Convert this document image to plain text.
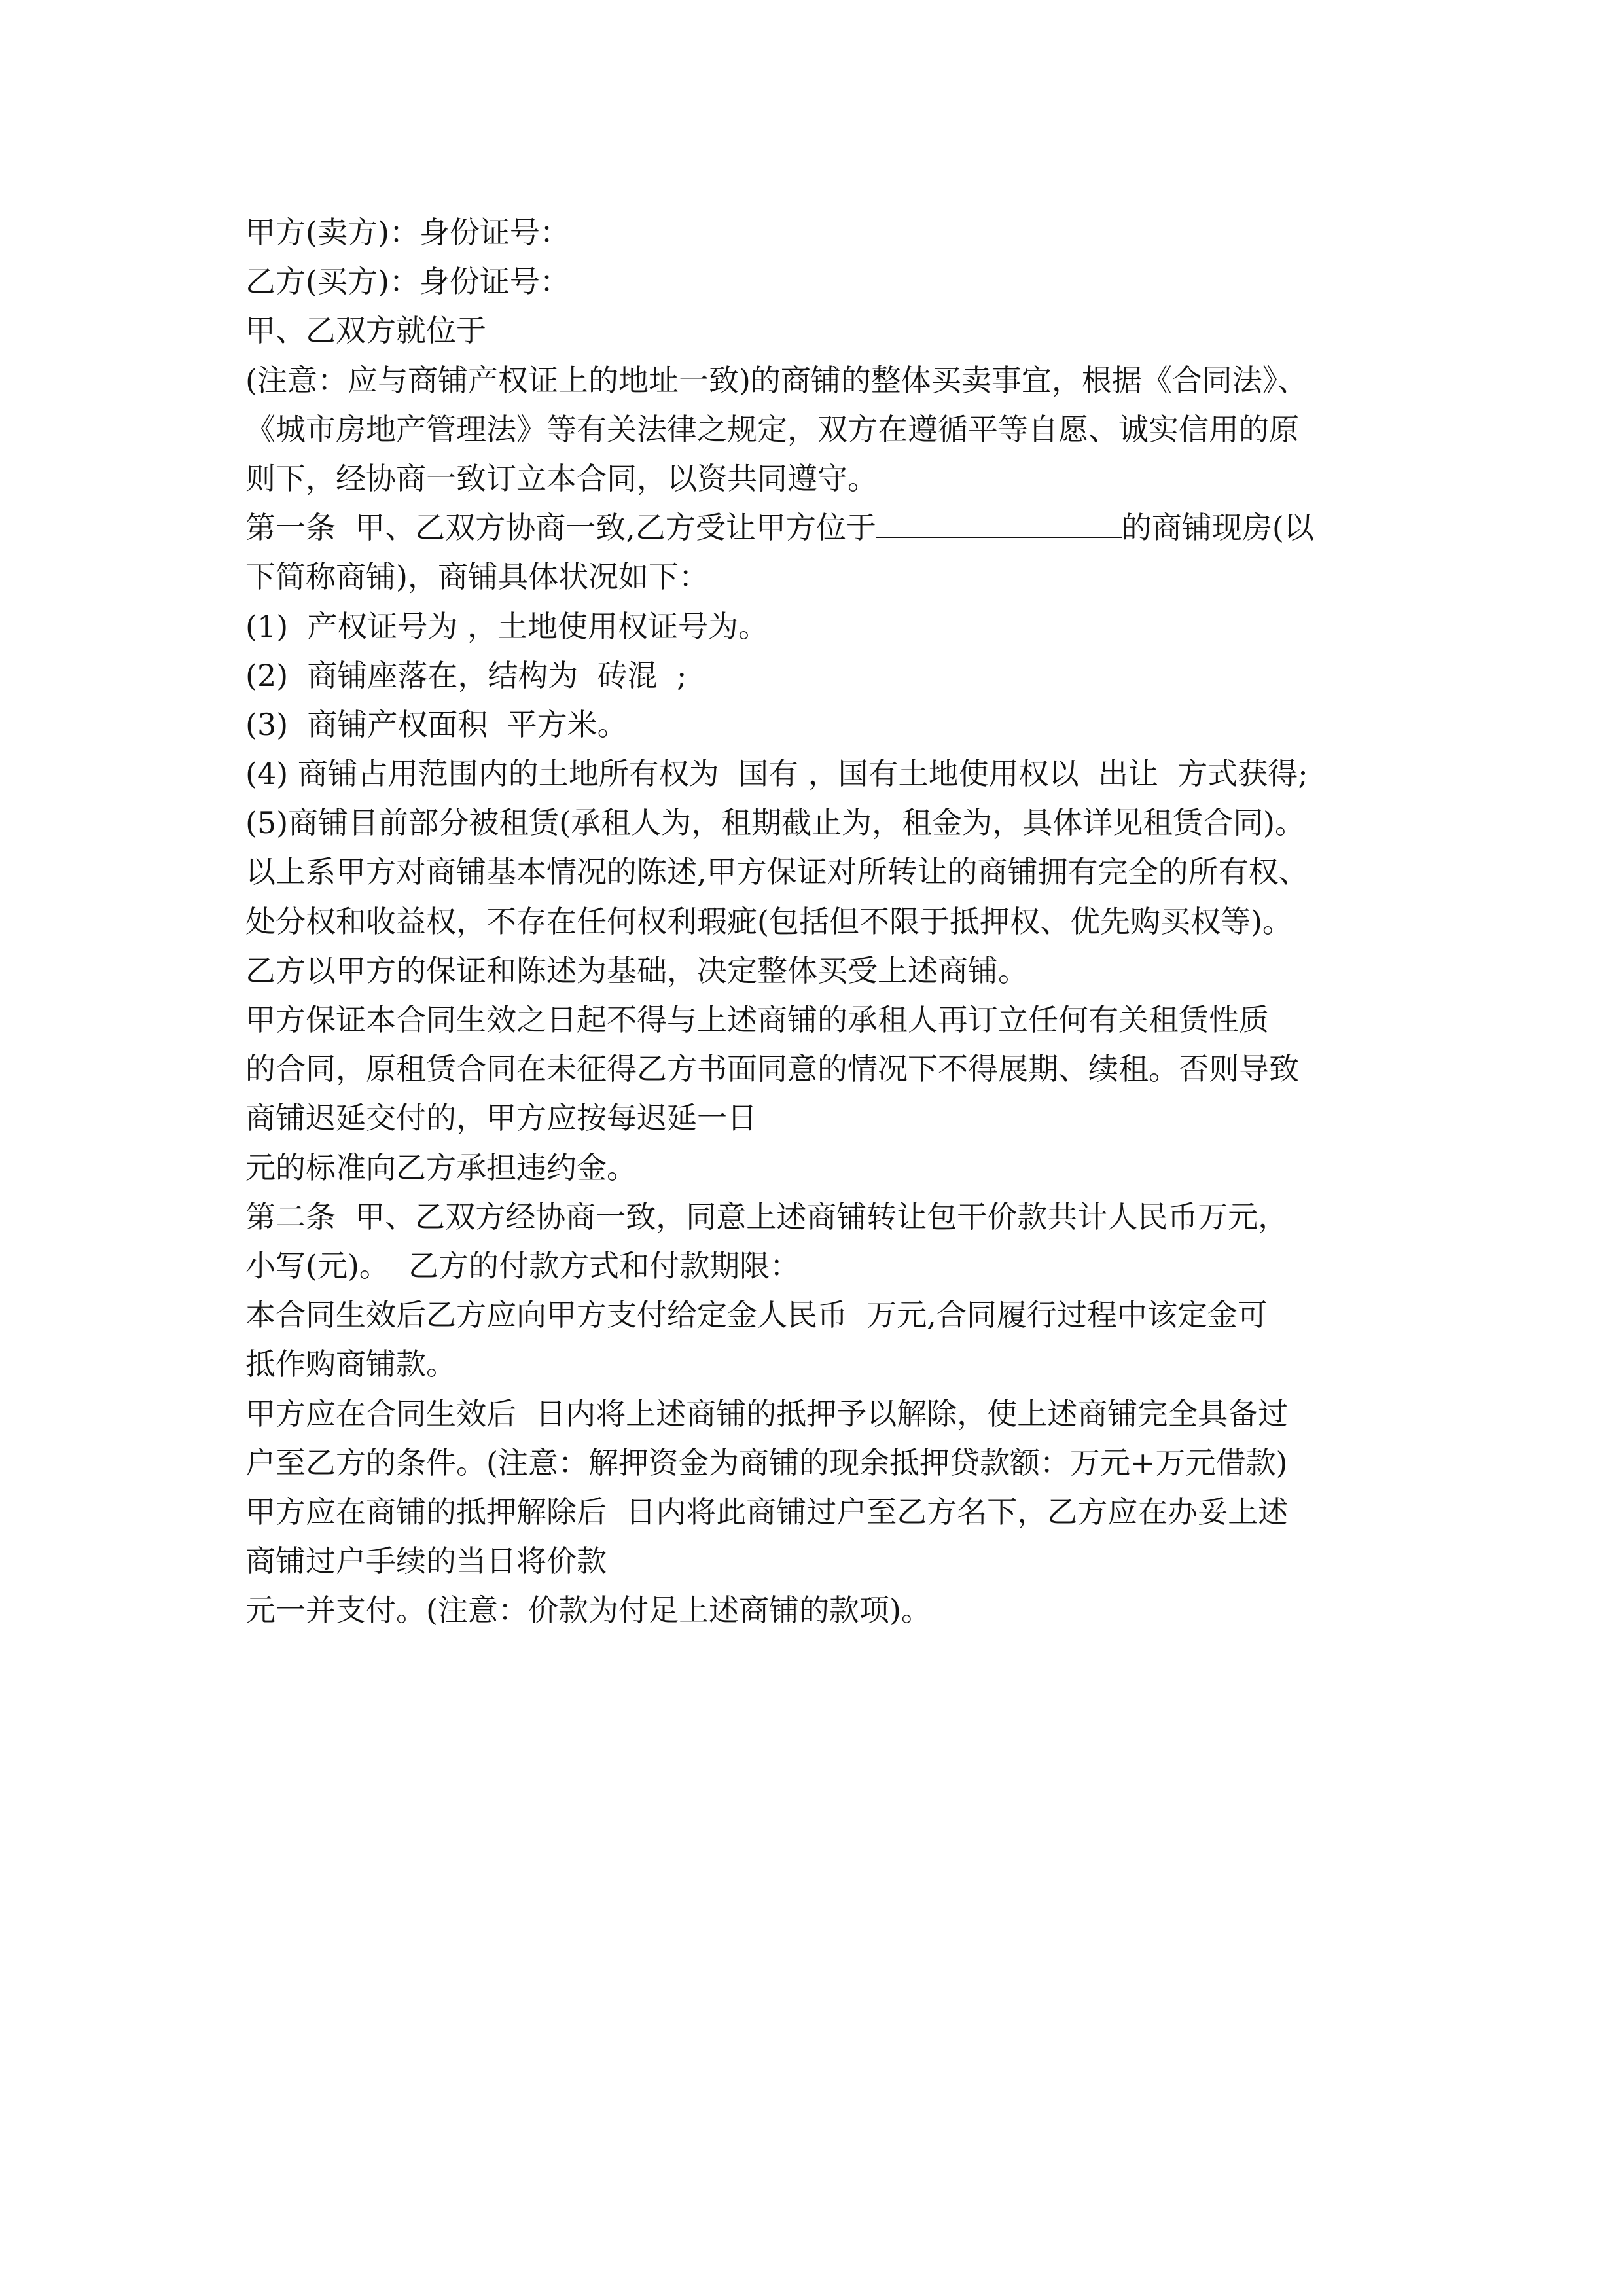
甲方(卖方)：身份证号：
乙方(买方)：身份证号：
甲、乙双方就位于
(注意：应与商铺产权证上的地址一致)的商铺的整体买卖事宜，根据《合同法》、
《城市房地产管理法》等有关法律之规定，双方在遵循平等自愿、诚实信用的原
则下，经协商一致订立本合同，以资共同遵守。
第一条  甲、乙双方协商一致,乙方受让甲方位于	的商铺现房(以
下简称商铺)，商铺具体状况如下：
(1)  产权证号为 ，土地使用权证号为。
(2)  商铺座落在，结构为  砖混  ;
(3)  商铺产权面积  平方米。
(4) 商铺占用范围内的土地所有权为  国有 ，国有土地使用权以  出让  方式获得;
(5)商铺目前部分被租赁(承租人为，租期截止为，租金为，具体详见租赁合同)。
以上系甲方对商铺基本情况的陈述,甲方保证对所转让的商铺拥有完全的所有权、
处分权和收益权，不存在任何权利瑕疵(包括但不限于抵押权、优先购买权等)。
乙方以甲方的保证和陈述为基础，决定整体买受上述商铺。
甲方保证本合同生效之日起不得与上述商铺的承租人再订立任何有关租赁性质
的合同，原租赁合同在未征得乙方书面同意的情况下不得展期、续租。否则导致
商铺迟延交付的，甲方应按每迟延一日
元的标准向乙方承担违约金。
第二条  甲、乙双方经协商一致，同意上述商铺转让包干价款共计人民币万元，
小写(元)。  乙方的付款方式和付款期限：
本合同生效后乙方应向甲方支付给定金人民币  万元,合同履行过程中该定金可
抵作购商铺款。
甲方应在合同生效后  日内将上述商铺的抵押予以解除，使上述商铺完全具备过
户至乙方的条件。(注意：解押资金为商铺的现余抵押贷款额：万元+万元借款)
甲方应在商铺的抵押解除后  日内将此商铺过户至乙方名下，乙方应在办妥上述
商铺过户手续的当日将价款
元一并支付。(注意：价款为付足上述商铺的款项)。
